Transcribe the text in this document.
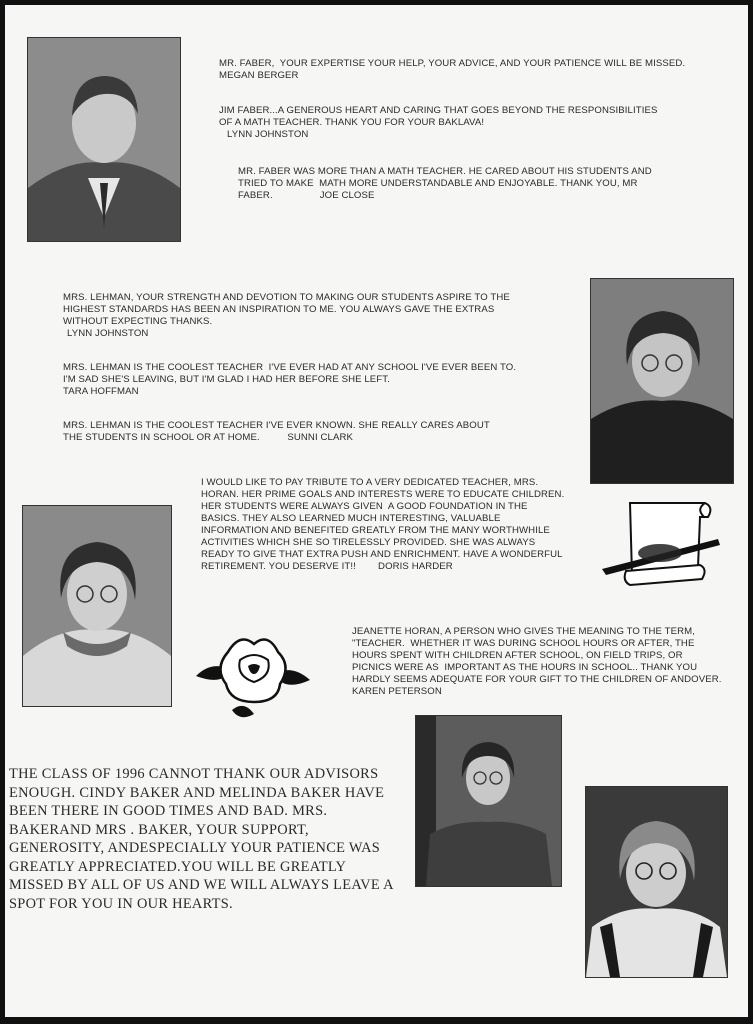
MR. FABER,  YOUR EXPERTISE YOUR HELP, YOUR ADVICE, AND YOUR PATIENCE WILL BE MISSED.            MEGAN BERGER

JIM FABER...A GENEROUS HEART AND CARING THAT GOES BEYOND THE RESPONSIBILITIES OF A MATH TEACHER. THANK YOU FOR YOUR BAKLAVA!

LYNN JOHNSTON

MR. FABER WAS MORE THAN A MATH TEACHER. HE CARED ABOUT HIS STUDENTS AND TRIED TO MAKE  MATH MORE UNDERSTANDABLE AND ENJOYABLE. THANK YOU, MR FABER.	JOE CLOSE

MRS. LEHMAN, YOUR STRENGTH AND DEVOTION TO MAKING OUR STUDENTS ASPIRE TO THE HIGHEST STANDARDS HAS BEEN AN INSPIRATION TO ME. YOU ALWAYS GAVE THE EXTRAS WITHOUT EXPECTING THANKS.

LYNN JOHNSTON

MRS. LEHMAN IS THE COOLEST TEACHER  I'VE EVER HAD AT ANY SCHOOL I'VE EVER BEEN TO. I'M SAD SHE'S LEAVING, BUT I'M GLAD I HAD HER BEFORE SHE LEFT.

TARA HOFFMAN

MRS. LEHMAN IS THE COOLEST TEACHER I'VE EVER KNOWN. SHE REALLY CARES ABOUT THE STUDENTS IN SCHOOL OR AT HOME.	SUNNI CLARK

I WOULD LIKE TO PAY TRIBUTE TO A VERY DEDICATED TEACHER, MRS. HORAN. HER PRIME GOALS AND INTERESTS WERE TO EDUCATE CHILDREN. HER STUDENTS WERE ALWAYS GIVEN  A GOOD FOUNDATION IN THE BASICS. THEY ALSO LEARNED MUCH INTERESTING, VALUABLE INFORMATION AND BENEFITED GREATLY FROM THE MANY WORTHWHILE ACTIVITIES WHICH SHE SO TIRELESSLY PROVIDED. SHE WAS ALWAYS READY TO GIVE THAT EXTRA PUSH AND ENRICHMENT. HAVE A WONDERFUL RETIREMENT. YOU DESERVE IT!! DORIS HARDER

JEANETTE HORAN, A PERSON WHO GIVES THE MEANING TO THE TERM, "TEACHER.  WHETHER IT WAS DURING SCHOOL HOURS OR AFTER, THE HOURS SPENT WITH CHILDREN AFTER SCHOOL, ON FIELD TRIPS, OR PICNICS WERE AS  IMPORTANT AS THE HOURS IN SCHOOL.. THANK YOU HARDLY SEEMS ADEQUATE FOR YOUR GIFT TO THE CHILDREN OF ANDOVER.   KAREN PETERSON

THE CLASS OF 1996 CANNOT THANK OUR ADVISORS ENOUGH. CINDY BAKER AND MELINDA BAKER HAVE BEEN THERE IN GOOD TIMES AND BAD. MRS. BAKERAND MRS . BAKER, YOUR SUPPORT, GENEROSITY, ANDESPECIALLY YOUR PATIENCE WAS GREATLY APPRECIATED.YOU WILL BE GREATLY MISSED BY ALL OF US AND WE WILL ALWAYS LEAVE A SPOT FOR YOU IN OUR HEARTS.
